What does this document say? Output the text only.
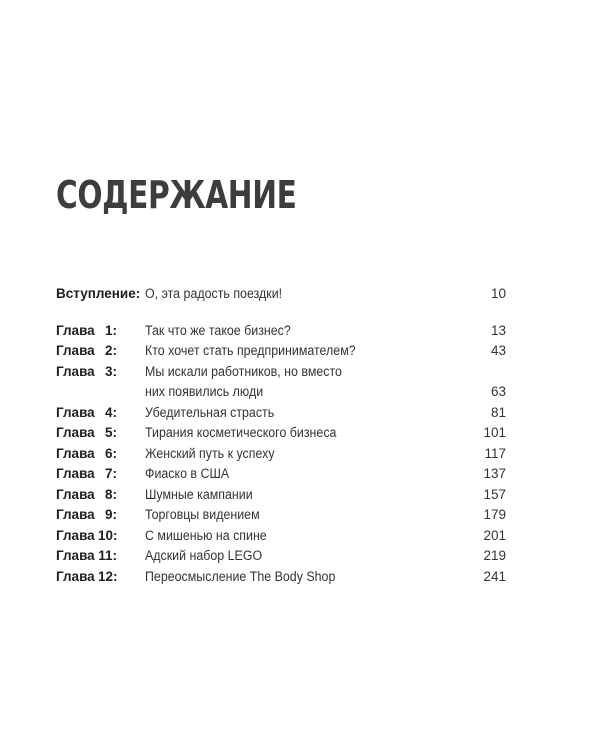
СОДЕРЖАНИЕ
Вступление: О, эта радость поездки!	10
Глава 1: Так что же такое бизнес?	13
Глава 2: Кто хочет стать предпринимателем?	43
Глава 3: Мы искали работников, но вместо
них появились люди	63
Глава 4: Убедительная страсть	81
Глава 5: Тирания косметического бизнеса	101
Глава 6: Женский путь к успеху	117
Глава 7: Фиаско в США	137
Глава 8: Шумные кампании	157
Глава 9: Торговцы видением	179
Глава 10: С мишенью на спине	201
Глава 11: Адский набор LEGO	219
Глава 12: Переосмысление The Body Shop	241
